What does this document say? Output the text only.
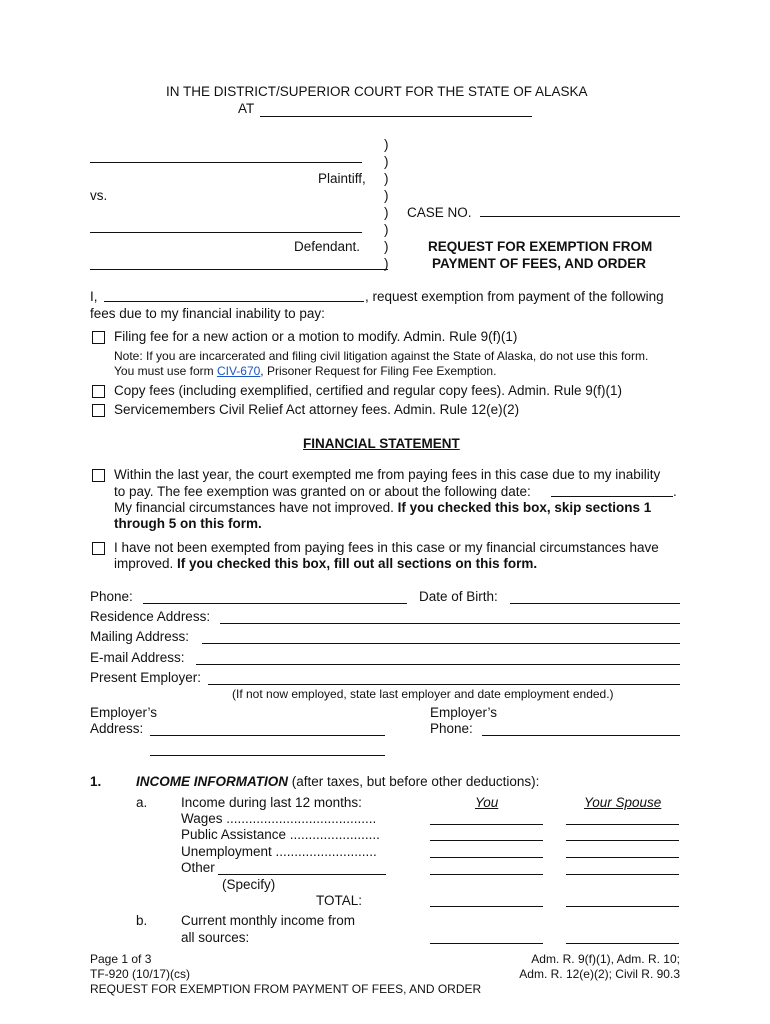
IN THE DISTRICT/SUPERIOR COURT FOR THE STATE OF ALASKA
AT
)
)
)
)
)
)
)
)
Plaintiff,
vs.
CASE NO.
Defendant.	REQUEST FOR EXEMPTION FROM
PAYMENT OF FEES, AND ORDER
I,	, request exemption from payment of the following
fees due to my financial inability to pay:
Filing fee for a new action or a motion to modify. Admin. Rule 9(f)(1)
Note: If you are incarcerated and filing civil litigation against the State of Alaska, do not use this form.
You must use form CIV-670, Prisoner Request for Filing Fee Exemption.
Copy fees (including exemplified, certified and regular copy fees). Admin. Rule 9(f)(1)
Servicemembers Civil Relief Act attorney fees. Admin. Rule 12(e)(2)
FINANCIAL STATEMENT
Within the last year, the court exempted me from paying fees in this case due to my inability
to pay. The fee exemption was granted on or about the following date:	.
My financial circumstances have not improved. If you checked this box, skip sections 1
through 5 on this form.
I have not been exempted from paying fees in this case or my financial circumstances have
improved. If you checked this box, fill out all sections on this form.
Phone:	Date of Birth:
Residence Address:
Mailing Address:
E-mail Address:
Present Employer:
(If not now employed, state last employer and date employment ended.)
Employer’s
Address:
Employer’s
Phone:
1.	INCOME INFORMATION (after taxes, but before other deductions):
a. Income during last 12 months:	You	Your Spouse
Wages ........................................
Public Assistance ........................
Unemployment ...........................
Other
(Specify)
TOTAL:
b. Current monthly income from
all sources:
Page 1 of 3
TF-920 (10/17)(cs)
REQUEST FOR EXEMPTION FROM PAYMENT OF FEES, AND ORDER
Adm. R. 9(f)(1), Adm. R. 10;
Adm. R. 12(e)(2); Civil R. 90.3
